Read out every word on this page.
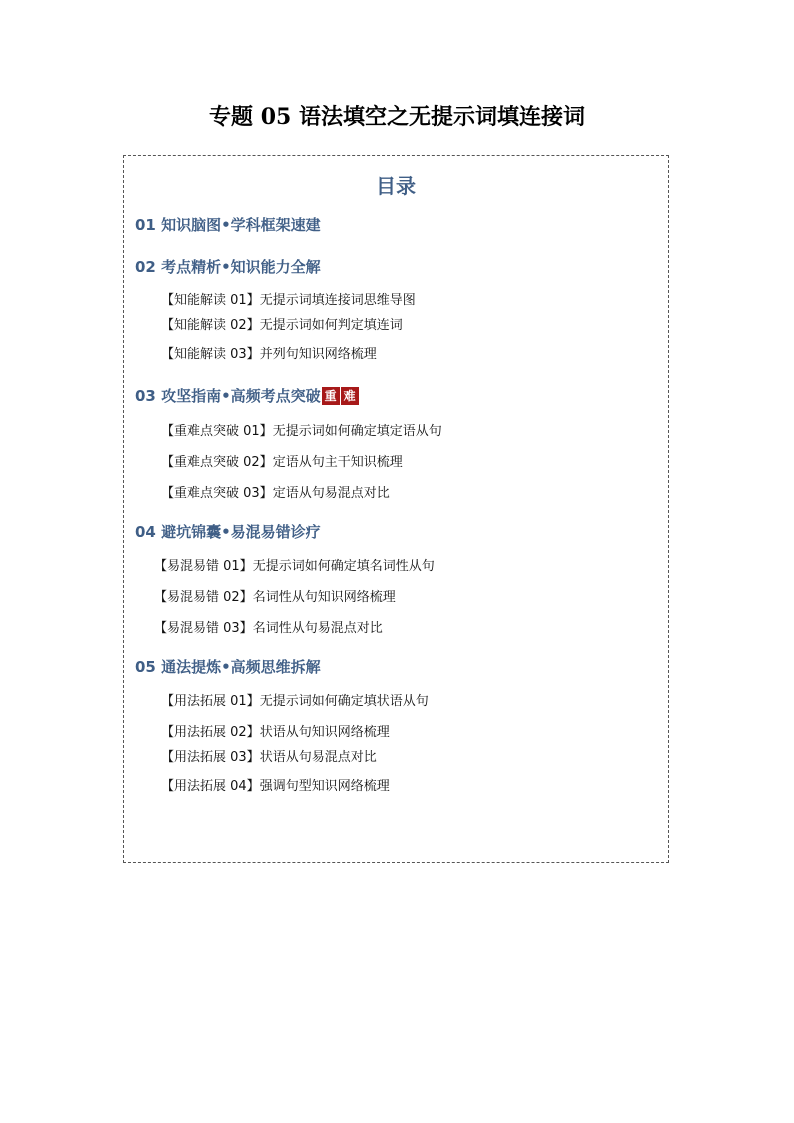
专题 05 语法填空之无提示词填连接词
目录
01 知识脑图•学科框架速建
02 考点精析•知识能力全解
【知能解读 01】无提示词填连接词思维导图
【知能解读 02】无提示词如何判定填连词
【知能解读 03】并列句知识网络梳理
03 攻坚指南•高频考点突破 重 难
【重难点突破 01】无提示词如何确定填定语从句
【重难点突破 02】定语从句主干知识梳理
【重难点突破 03】定语从句易混点对比
04 避坑锦囊•易混易错诊疗
【易混易错 01】无提示词如何确定填名词性从句
【易混易错 02】名词性从句知识网络梳理
【易混易错 03】名词性从句易混点对比
05 通法提炼•高频思维拆解
【用法拓展 01】无提示词如何确定填状语从句
【用法拓展 02】状语从句知识网络梳理
【用法拓展 03】状语从句易混点对比
【用法拓展 04】强调句型知识网络梳理
